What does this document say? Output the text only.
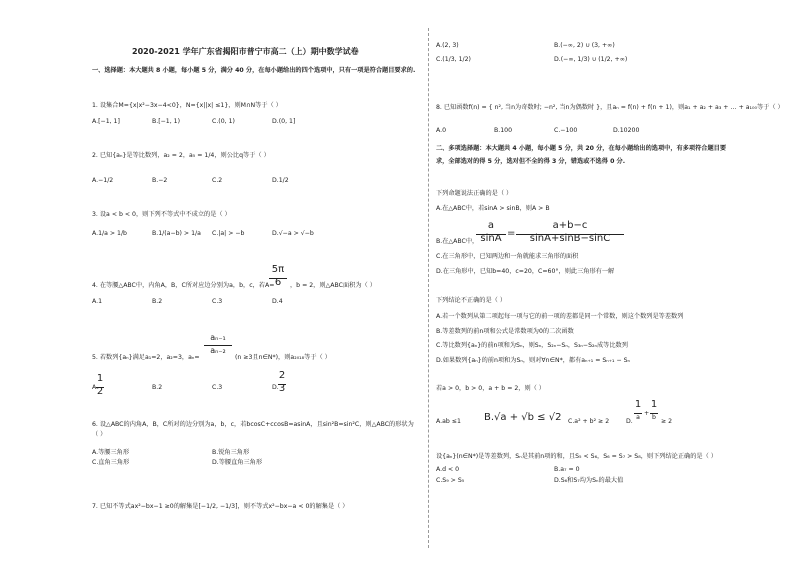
2020-2021 学年广东省揭阳市普宁市高二（上）期中数学试卷
一、选择题：本大题共 8 小题，每小题 5 分，满分 40 分，在每小题给出的四个选项中，只有一项是符合题目要求的.
1. 设集合M={x|x²−3x−4<0}，N={x||x| ≤1}，则M∩N等于（ ）
A.[−1, 1]	B.[−1, 1)	C.(0, 1)	D.(0, 1]
2. 已知{aₙ}是等比数列，a₂ = 2，a₅ = 1/4，则公比q等于（ ）
A.−1/2	B.−2	C.2	D.1/2
3. 设a < b < 0，则下列不等式中不成立的是（ ）
A.1/a > 1/b	B.1/(a−b) > 1/a C.|a| > −b	D.√−a > √−b
4. 在等腰△ABC中，内角A，B，C所对应边分别为a，b，c，若A=
5π
6	，b = 2，则△ABC面积为（ ）
A.1	B.2	C.3	D.4
5. 若数列{aₙ}满足a₁=2，a₂=3，aₙ=
aₙ₋₁
aₙ₋₂
(n ≥3且n∈N*)，则a₂₀₁₈等于（ ）
A.
1
2	B.2	C.3	D.
2
3
6. 设△ABC的内角A，B，C所对的边分别为a，b，c，若bcosC+ccosB=asinA，且sin²B=sin²C，则△ABC的形状为（ ）
A.等腰三角形	B.锐角三角形
C.直角三角形	D.等腰直角三角形
7. 已知不等式ax²−bx−1 ≥0的解集是[−1/2, −1/3]，则不等式x²−bx−a < 0的解集是（ ）
A.(2, 3)	B.(−∞, 2) ∪ (3, +∞)
C.(1/3, 1/2)	D.(−∞, 1/3) ∪ (1/2, +∞)
8. 已知函数f(n) = { n², 当n为奇数时; −n², 当n为偶数时 }，且aₙ = f(n) + f(n + 1)，则a₁ + a₂ + a₃ + … + a₁₀₀等于（ ）
A.0	B.100	C.−100	D.10200
二、多项选择题：本大题共 4 小题，每小题 5 分，共 20 分，在每小题给出的选项中，有多项符合题目要求，全部选对的得 5 分，选对但不全的得 3 分，错选或不选得 0 分.
下列命题说法正确的是（ ）
A.在△ABC中，若sinA > sinB，则A > B
B.在△ABC中，
a
sinA =
a+b−c
sinA+sinB−sinC
C.在三角形中，已知两边和一角就能求三角形的面积
D.在三角形中，已知b=40，c=20，C=60°，则此三角形有一解
下列结论不正确的是（ ）
A.若一个数列从第二项起每一项与它的前一项的差都是同一个常数，则这个数列是等差数列
B.等差数列的前n项和公式是常数项为0的二次函数
C.等比数列{aₙ}的前n项和为Sₙ，则Sₙ，S₂ₙ−Sₙ，S₃ₙ−S₂ₙ成等比数列
D.如果数列{aₙ}的前n项和为Sₙ，则对∀n∈N*，都有aₙ₊₁ = Sₙ₊₁ − Sₙ
若a > 0，b > 0，a + b = 2，则（ ）
A.ab ≤1 B.√a + √b ≤ √2 C.a² + b² ≥ 2	D.
1
a
+
1
b
≥ 2
设{aₙ}(n∈N*)是等差数列，Sₙ是其前n项的和，且S₅ < S₆，S₆ = S₇ > S₈，则下列结论正确的是（ ）
A.d < 0	B.a₇ = 0
C.S₉ > S₅	D.S₆和S₇均为Sₙ的最大值
